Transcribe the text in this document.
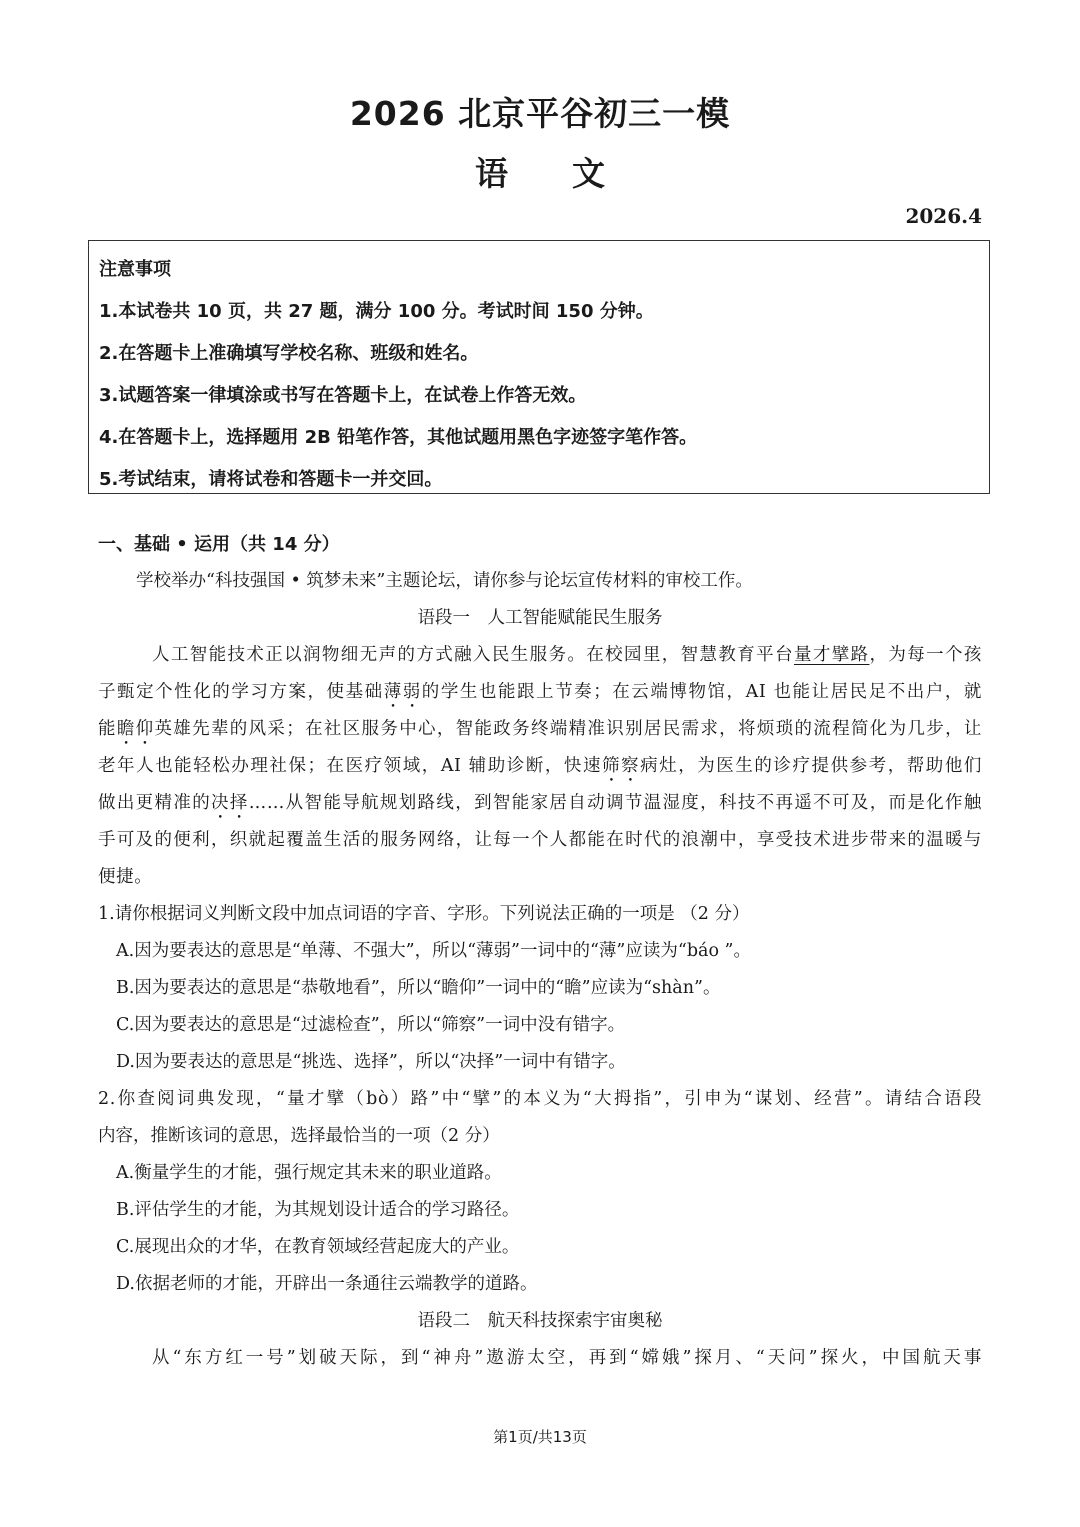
2026 北京平谷初三一模
语 文
2026.4
注意事项
1.本试卷共 10 页，共 27 题，满分 100 分。考试时间 150 分钟。
2.在答题卡上准确填写学校名称、班级和姓名。
3.试题答案一律填涂或书写在答题卡上，在试卷上作答无效。
4.在答题卡上，选择题用 2B 铅笔作答，其他试题用黑色字迹签字笔作答。
5.考试结束，请将试卷和答题卡一并交回。
一、基础 • 运用（共 14 分）
学校举办“科技强国 • 筑梦未来”主题论坛，请你参与论坛宣传材料的审校工作。
语段一　人工智能赋能民生服务
人工智能技术正以润物细无声的方式融入民生服务。在校园里，智慧教育平台量才擘路，为每一个孩
子甄定个性化的学习方案，使基础薄弱的学生也能跟上节奏；在云端博物馆，AI 也能让居民足不出户，就
能瞻仰英雄先辈的风采；在社区服务中心，智能政务终端精准识别居民需求，将烦琐的流程简化为几步，让
老年人也能轻松办理社保；在医疗领域，AI 辅助诊断，快速筛察病灶，为医生的诊疗提供参考，帮助他们
做出更精准的决择……从智能导航规划路线，到智能家居自动调节温湿度，科技不再遥不可及，而是化作触
手可及的便利，织就起覆盖生活的服务网络，让每一个人都能在时代的浪潮中，享受技术进步带来的温暖与
便捷。
1.请你根据词义判断文段中加点词语的字音、字形。下列说法正确的一项是 （2 分）
A.因为要表达的意思是“单薄、不强大”，所以“薄弱”一词中的“薄”应读为“báo ”。
B.因为要表达的意思是“恭敬地看”，所以“瞻仰”一词中的“瞻”应读为“shàn”。
C.因为要表达的意思是“过滤检查”，所以“筛察”一词中没有错字。
D.因为要表达的意思是“挑选、选择”，所以“决择”一词中有错字。
2.你查阅词典发现，“量才擘（bò）路”中“擘”的本义为“大拇指”，引申为“谋划、经营”。请结合语段
内容，推断该词的意思，选择最恰当的一项（2 分）
A.衡量学生的才能，强行规定其未来的职业道路。
B.评估学生的才能，为其规划设计适合的学习路径。
C.展现出众的才华，在教育领域经营起庞大的产业。
D.依据老师的才能，开辟出一条通往云端教学的道路。
语段二　航天科技探索宇宙奥秘
从“东方红一号”划破天际，到“神舟”遨游太空，再到“嫦娥”探月、“天问”探火，中国航天事
第1页/共13页
